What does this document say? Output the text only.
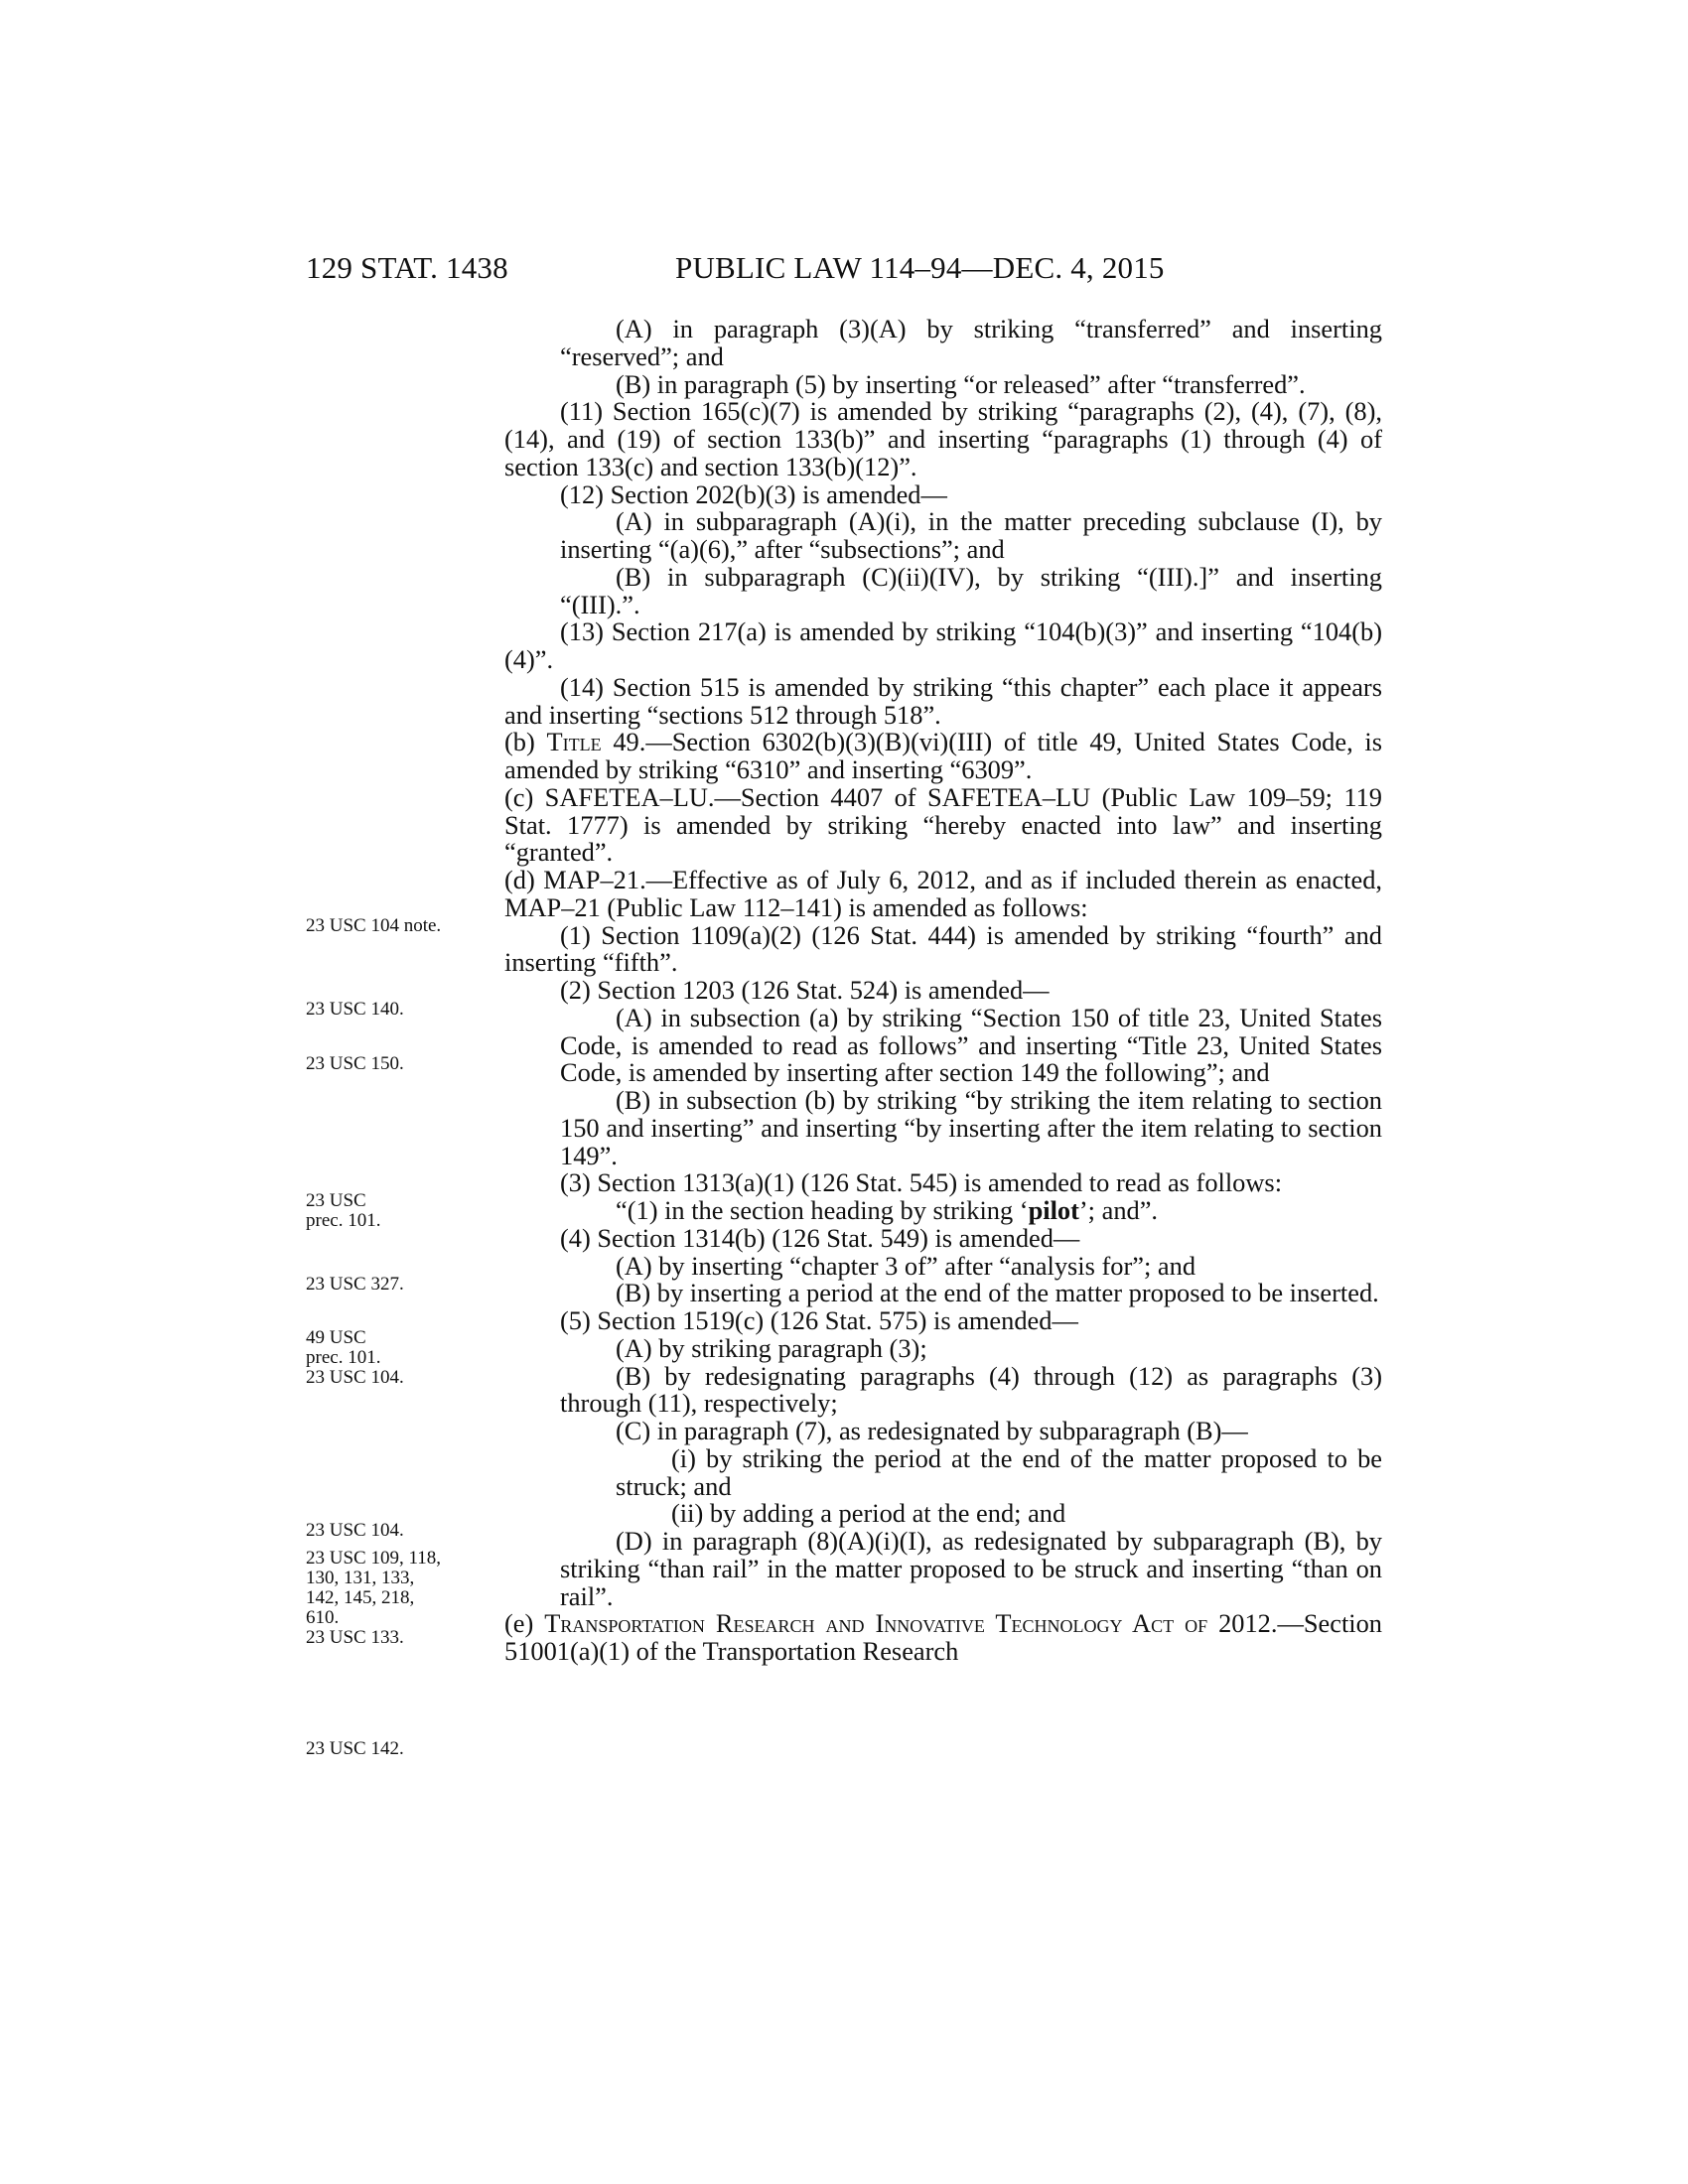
129 STAT. 1438	PUBLIC LAW 114–94—DEC. 4, 2015
23 USC 104 note.
23 USC 140.
23 USC 150.
23 USC
prec. 101.
23 USC 327.
49 USC
prec. 101.
23 USC 104.
23 USC 104.
23 USC 109, 118,
130, 131, 133,
142, 145, 218,
610.
23 USC 133.
23 USC 142.

(A) in paragraph (3)(A) by striking “transferred” and inserting “reserved”; and

(B) in paragraph (5) by inserting “or released” after “transferred”.

(11) Section 165(c)(7) is amended by striking “paragraphs (2), (4), (7), (8), (14), and (19) of section 133(b)” and inserting “paragraphs (1) through (4) of section 133(c) and section 133(b)(12)”.

(12) Section 202(b)(3) is amended—

(A) in subparagraph (A)(i), in the matter preceding subclause (I), by inserting “(a)(6),” after “subsections”; and

(B) in subparagraph (C)(ii)(IV), by striking “(III).]” and inserting “(III).”.

(13) Section 217(a) is amended by striking “104(b)(3)” and inserting “104(b)(4)”.

(14) Section 515 is amended by striking “this chapter” each place it appears and inserting “sections 512 through 518”.

(b) Title 49.—Section 6302(b)(3)(B)(vi)(III) of title 49, United States Code, is amended by striking “6310” and inserting “6309”.

(c) SAFETEA–LU.—Section 4407 of SAFETEA–LU (Public Law 109–59; 119 Stat. 1777) is amended by striking “hereby enacted into law” and inserting “granted”.

(d) MAP–21.—Effective as of July 6, 2012, and as if included therein as enacted, MAP–21 (Public Law 112–141) is amended as follows:

(1) Section 1109(a)(2) (126 Stat. 444) is amended by striking “fourth” and inserting “fifth”.

(2) Section 1203 (126 Stat. 524) is amended—

(A) in subsection (a) by striking “Section 150 of title 23, United States Code, is amended to read as follows” and inserting “Title 23, United States Code, is amended by inserting after section 149 the following”; and

(B) in subsection (b) by striking “by striking the item relating to section 150 and inserting” and inserting “by inserting after the item relating to section 149”.

(3) Section 1313(a)(1) (126 Stat. 545) is amended to read as follows:

“(1) in the section heading by striking ‘pilot’; and”.

(4) Section 1314(b) (126 Stat. 549) is amended—

(A) by inserting “chapter 3 of” after “analysis for”; and

(B) by inserting a period at the end of the matter proposed to be inserted.

(5) Section 1519(c) (126 Stat. 575) is amended—

(A) by striking paragraph (3);

(B) by redesignating paragraphs (4) through (12) as paragraphs (3) through (11), respectively;

(C) in paragraph (7), as redesignated by subparagraph (B)—

(i) by striking the period at the end of the matter proposed to be struck; and

(ii) by adding a period at the end; and

(D) in paragraph (8)(A)(i)(I), as redesignated by subparagraph (B), by striking “than rail” in the matter proposed to be struck and inserting “than on rail”.

(e) Transportation Research and Innovative Technology Act of 2012.—Section 51001(a)(1) of the Transportation Research
